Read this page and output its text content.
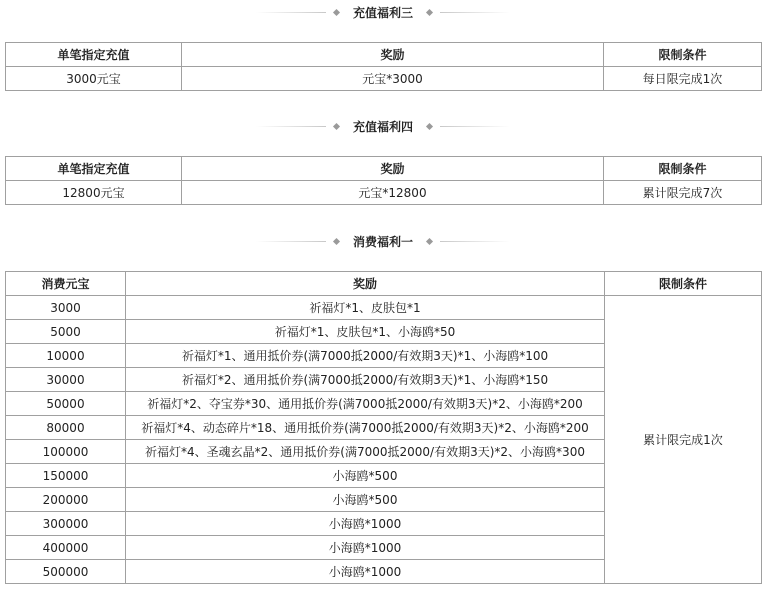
充值福利三
单笔指定充值	奖励	限制条件
3000元宝	元宝*3000	每日限完成1次
充值福利四
单笔指定充值	奖励	限制条件
12800元宝	元宝*12800	累计限完成7次
消费福利一
消费元宝	奖励	限制条件
3000	祈福灯*1、皮肤包*1	累计限完成1次
5000	祈福灯*1、皮肤包*1、小海鸥*50	
10000	祈福灯*1、通用抵价券(满7000抵2000/有效期3天)*1、小海鸥*100	
30000	祈福灯*2、通用抵价券(满7000抵2000/有效期3天)*1、小海鸥*150	
50000	祈福灯*2、夺宝券*30、通用抵价券(满7000抵2000/有效期3天)*2、小海鸥*200	
80000	祈福灯*4、动态碎片*18、通用抵价券(满7000抵2000/有效期3天)*2、小海鸥*200	
100000	祈福灯*4、圣魂玄晶*2、通用抵价券(满7000抵2000/有效期3天)*2、小海鸥*300	
150000	小海鸥*500	
200000	小海鸥*500	
300000	小海鸥*1000	
400000	小海鸥*1000	
500000	小海鸥*1000	
